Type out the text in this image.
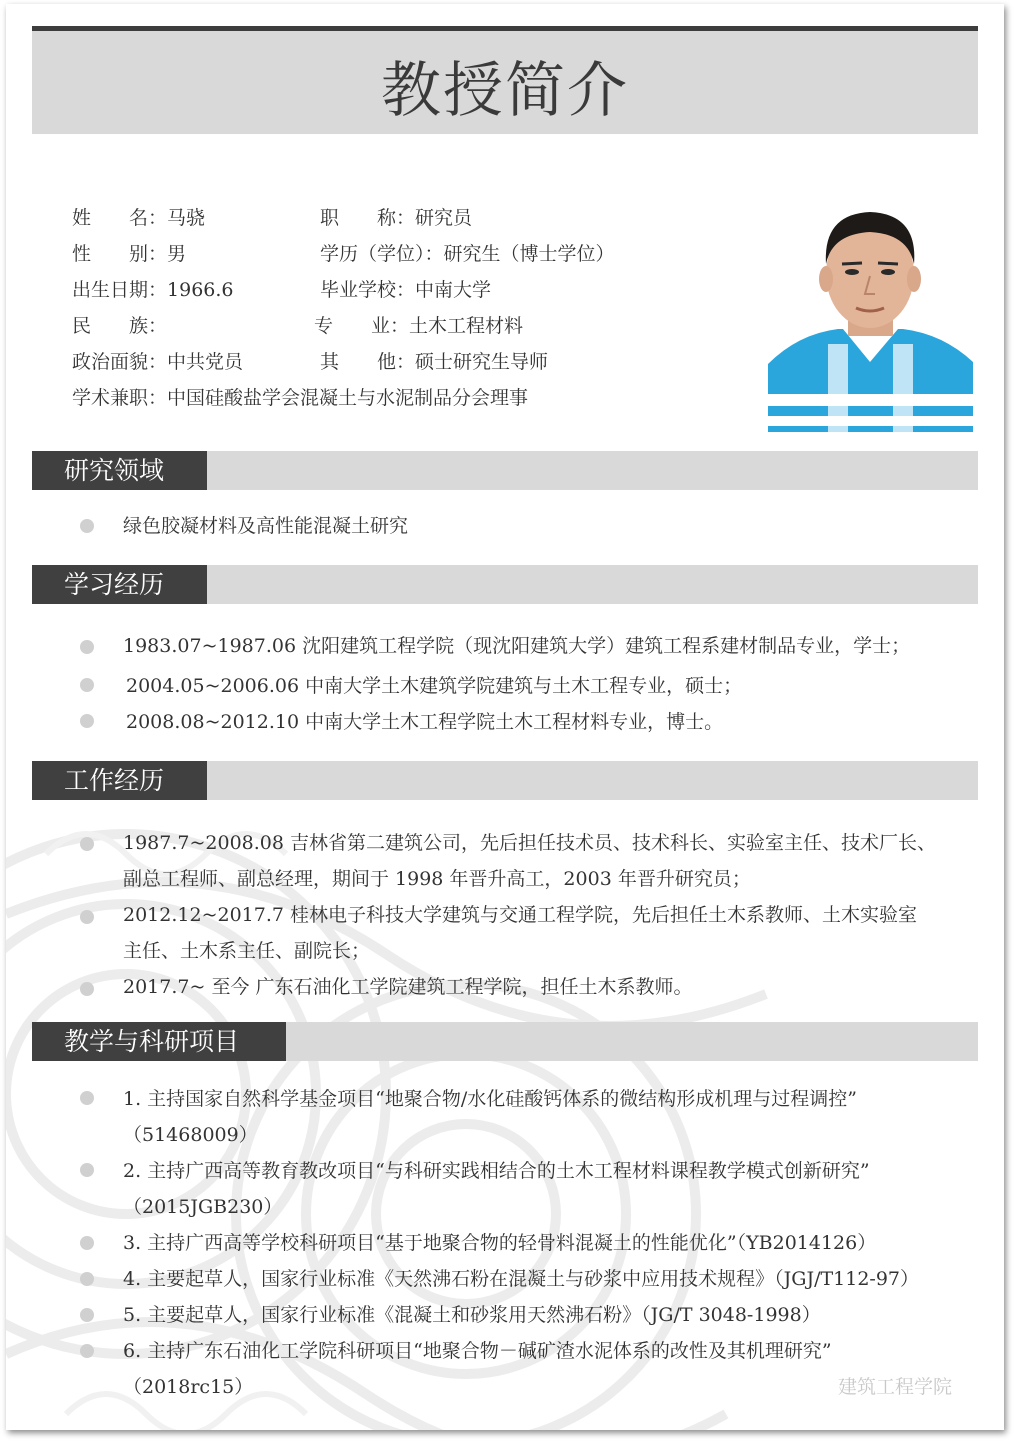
教授简介
姓　　名：马骁	职　　称：研究员
性　　别：男	学历（学位）：研究生（博士学位）
出生日期：1966.6	毕业学校：中南大学
民　　族：	专　　业：土木工程材料
政治面貌：中共党员	其　　他：硕士研究生导师
学术兼职：中国硅酸盐学会混凝土与水泥制品分会理事
研究领域
绿色胶凝材料及高性能混凝土研究
学习经历
1983.07~1987.06 沈阳建筑工程学院（现沈阳建筑大学）建筑工程系建材制品专业，学士；
2004.05~2006.06 中南大学土木建筑学院建筑与土木工程专业，硕士；
2008.08~2012.10 中南大学土木工程学院土木工程材料专业，博士。
工作经历
1987.7~2008.08 吉林省第二建筑公司，先后担任技术员、技术科长、实验室主任、技术厂长、
副总工程师、副总经理，期间于 1998 年晋升高工，2003 年晋升研究员；
2012.12~2017.7 桂林电子科技大学建筑与交通工程学院，先后担任土木系教师、土木实验室
主任、土木系主任、副院长；
2017.7~ 至今 广东石油化工学院建筑工程学院，担任土木系教师。
教学与科研项目
1. 主持国家自然科学基金项目“地聚合物/水化硅酸钙体系的微结构形成机理与过程调控”
（51468009）
2. 主持广西高等教育教改项目“与科研实践相结合的土木工程材料课程教学模式创新研究”
（2015JGB230）
3. 主持广西高等学校科研项目“基于地聚合物的轻骨料混凝土的性能优化”（YB2014126）
4. 主要起草人，国家行业标准《天然沸石粉在混凝土与砂浆中应用技术规程》（JGJ/T112-97）
5. 主要起草人，国家行业标准《混凝土和砂浆用天然沸石粉》（JG/T 3048-1998）
6. 主持广东石油化工学院科研项目“地聚合物－碱矿渣水泥体系的改性及其机理研究”
（2018rc15）	建筑工程学院
